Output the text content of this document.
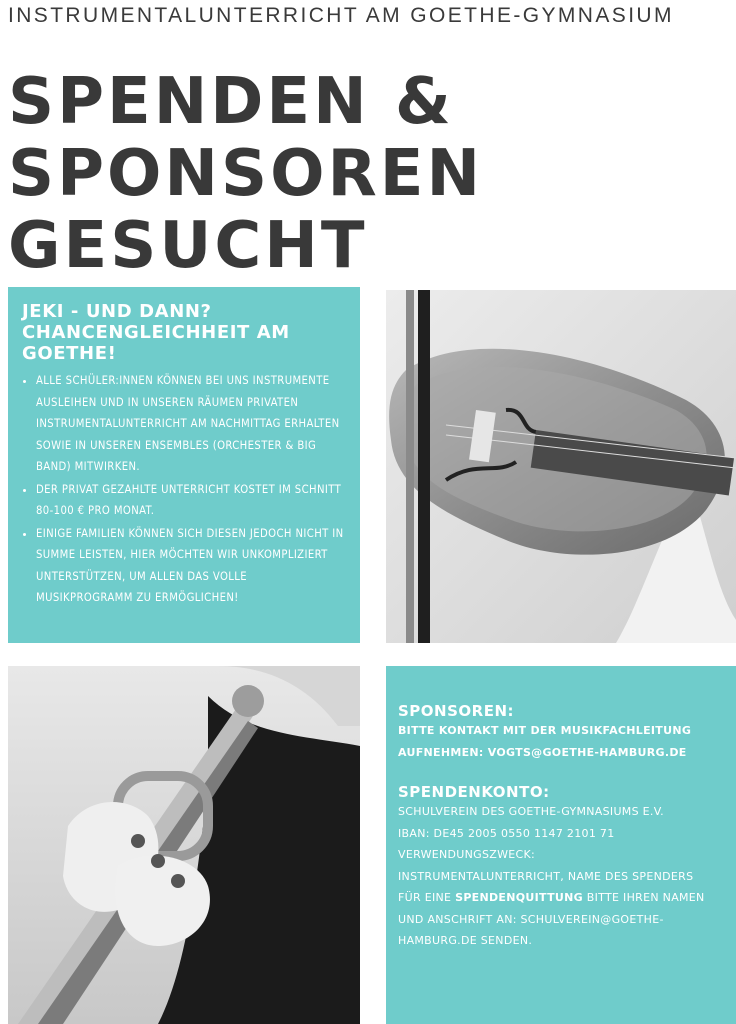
INSTRUMENTALUNTERRICHT AM GOETHE-GYMNASIUM
SPENDEN &
SPONSOREN
GESUCHT
JEKI - UND DANN?
CHANCENGLEICHHEIT AM
GOETHE!
• ALLE SCHÜLER:INNEN KÖNNEN BEI UNS INSTRUMENTE AUSLEIHEN UND IN UNSEREN RÄUMEN PRIVATEN INSTRUMENTALUNTERRICHT AM NACHMITTAG ERHALTEN SOWIE IN UNSEREN ENSEMBLES (ORCHESTER & BIG BAND) MITWIRKEN.
• DER PRIVAT GEZAHLTE UNTERRICHT KOSTET IM SCHNITT 80-100 € PRO MONAT.
• EINIGE FAMILIEN KÖNNEN SICH DIESEN JEDOCH NICHT IN SUMME LEISTEN, HIER MÖCHTEN WIR UNKOMPLIZIERT UNTERSTÜTZEN, UM ALLEN DAS VOLLE MUSIKPROGRAMM ZU ERMÖGLICHEN!
SPONSOREN:

BITTE KONTAKT MIT DER MUSIKFACHLEITUNG AUFNEHMEN: VOGTS@GOETHE-HAMBURG.DE

SPENDENKONTO:

SCHULVEREIN DES GOETHE-GYMNASIUMS E.V.

IBAN: DE45 2005 0550 1147 2101 71

VERWENDUNGSZWECK:

INSTRUMENTALUNTERRICHT, NAME DES SPENDERS

FÜR EINE SPENDENQUITTUNG BITTE IHREN NAMEN UND ANSCHRIFT AN: SCHULVEREIN@GOETHE-HAMBURG.DE SENDEN.
